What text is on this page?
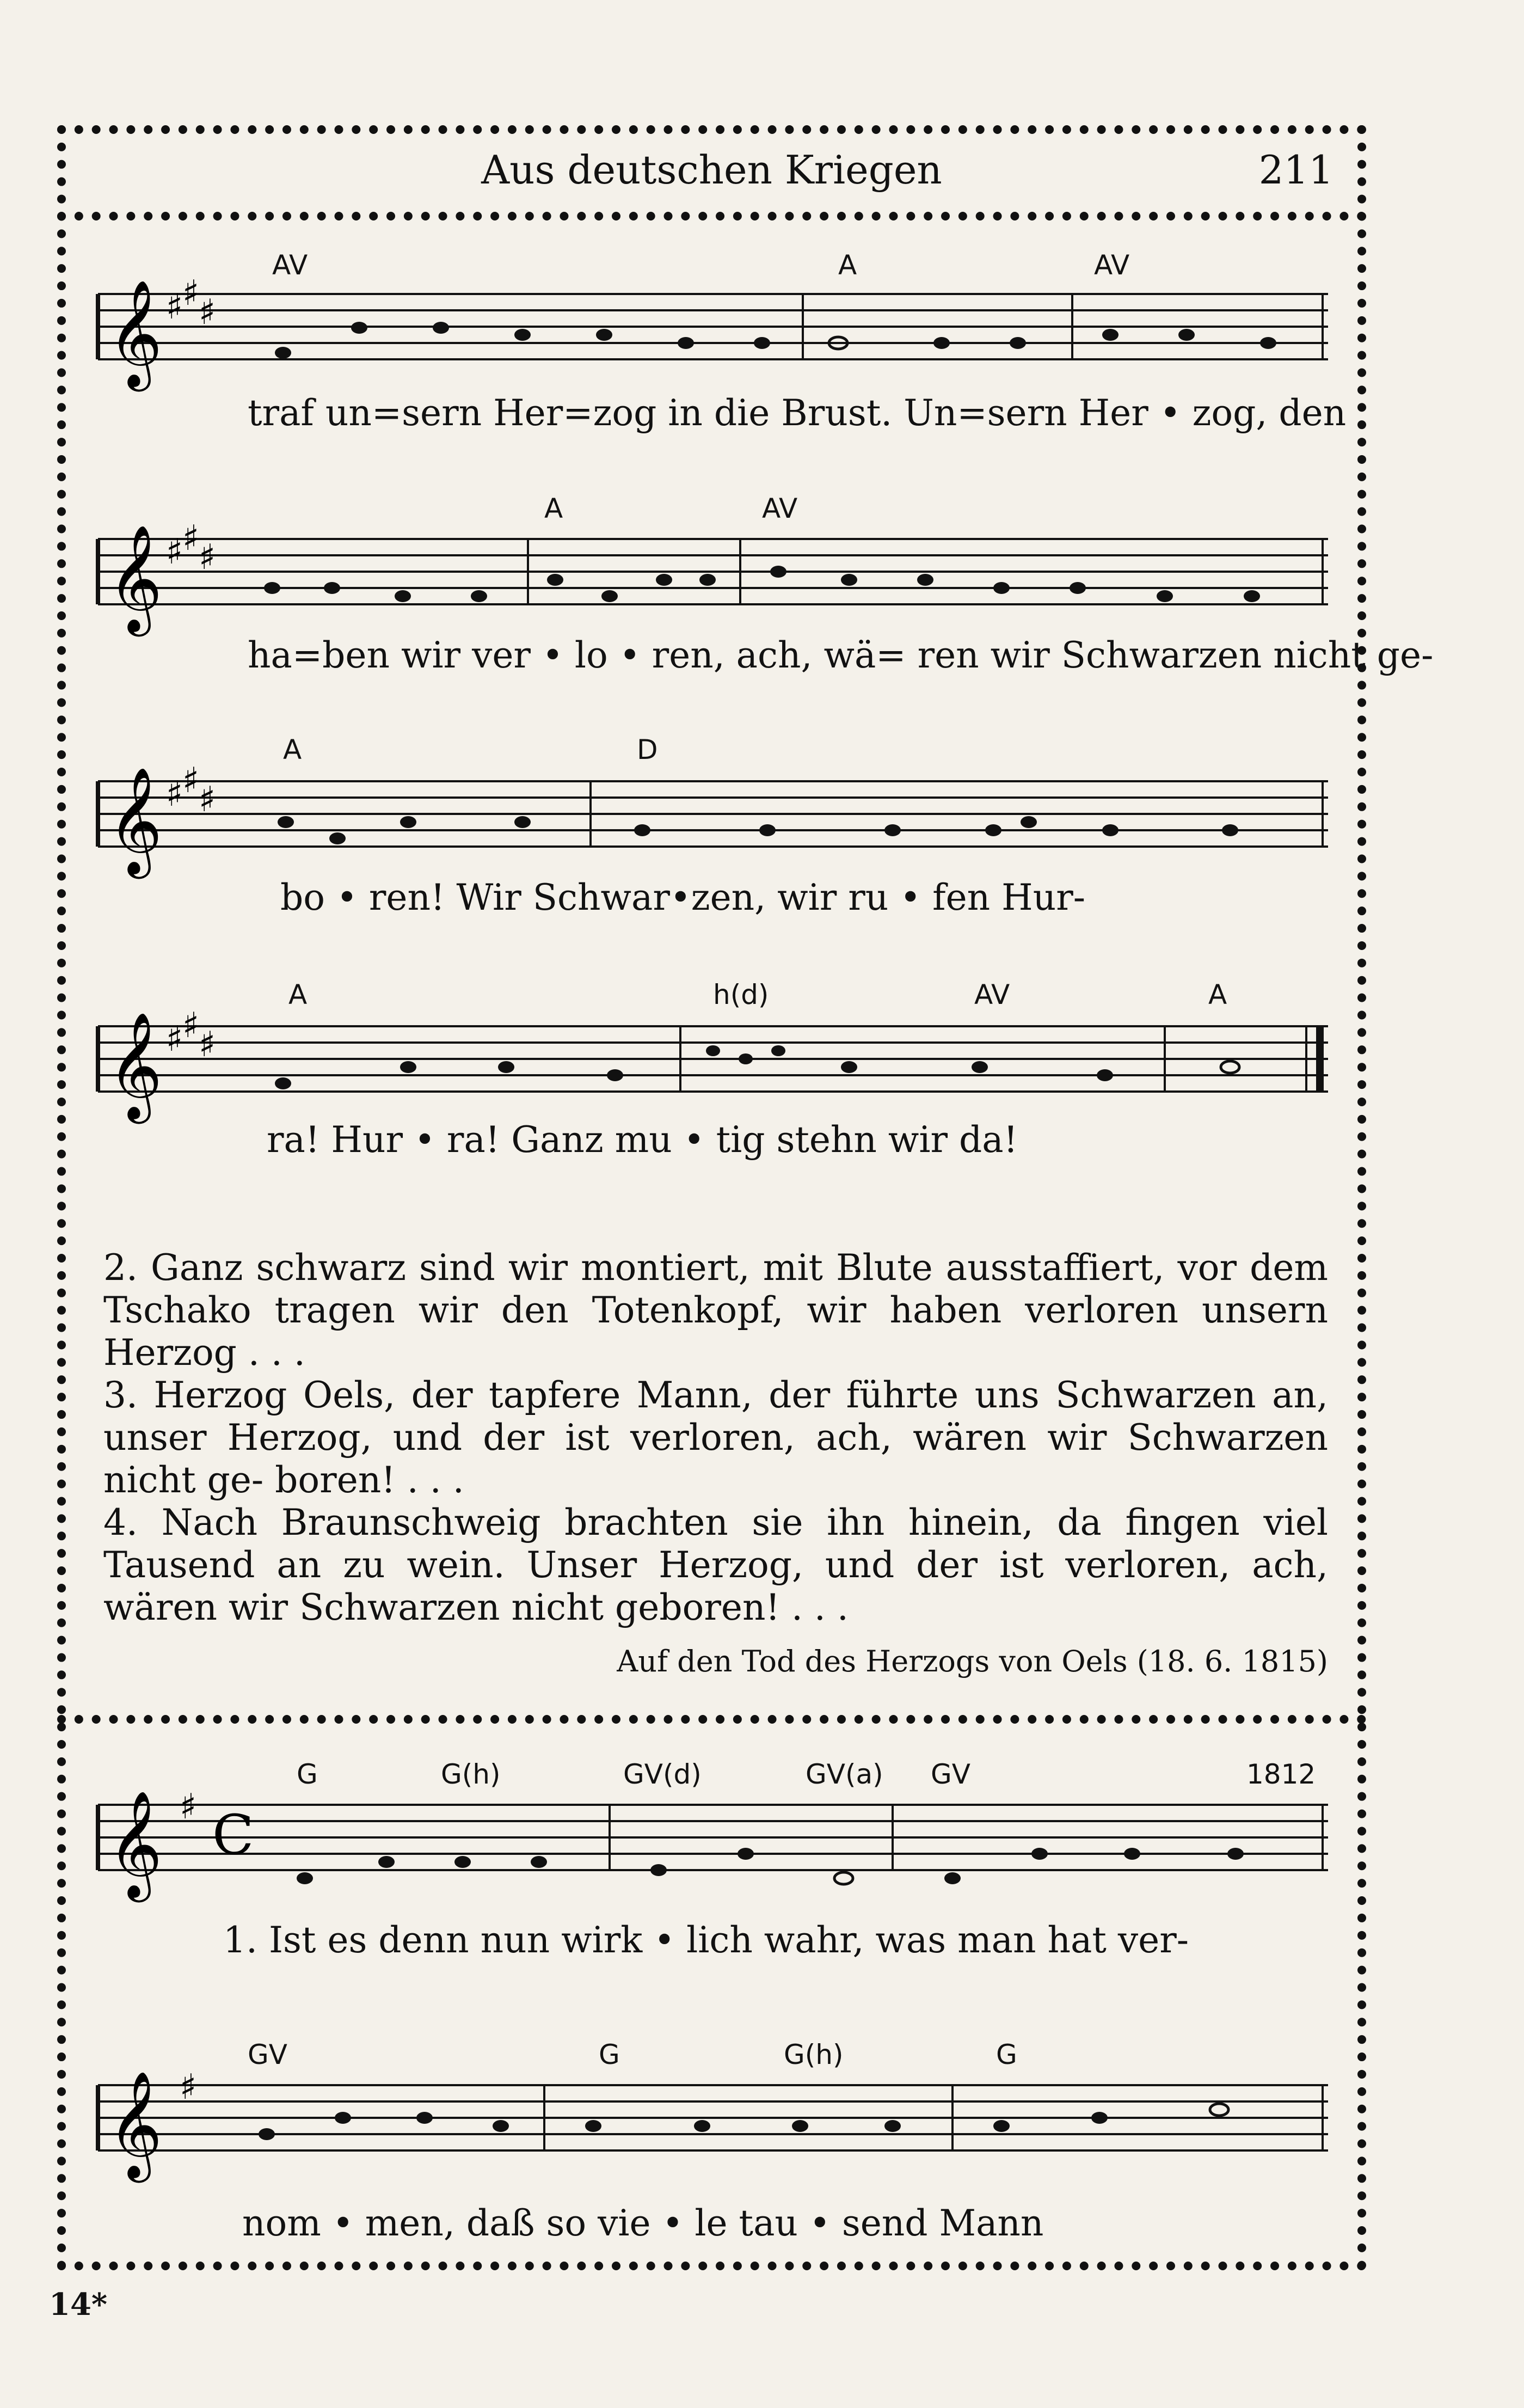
Aus deutschen Kriegen	211
AV	A	AV
𝄞 ♯ ♯ ♯
traf un=sern Her=zog in die Brust. Un=sern Her • zog, den
A	AV
𝄞 ♯ ♯ ♯
ha=ben wir ver • lo • ren, ach, wä= ren wir Schwarzen nicht ge-
A	D
𝄞 ♯ ♯ ♯
bo • ren! Wir Schwar•zen, wir ru • fen Hur-
A	h(d)	AV	A
𝄞 ♯ ♯ ♯
ra! Hur • ra! Ganz mu • tig stehn wir da!

2. Ganz schwarz sind wir montiert, mit Blute ausstaffiert, vor dem Tschako tragen wir den Totenkopf, wir haben verloren unsern Herzog . . .

3. Herzog Oels, der tapfere Mann, der führte uns Schwarzen an, unser Herzog, und der ist verloren, ach, wären wir Schwarzen nicht ge- boren! . . .

4. Nach Braunschweig brachten sie ihn hinein, da fingen viel Tausend an zu wein. Unser Herzog, und der ist verloren, ach, wären wir Schwarzen nicht geboren! . . .

Auf den Tod des Herzogs von Oels (18. 6. 1815)
G	G(h)	GV(d)	GV(a) GV	1812
𝄞 ♯ C
1. Ist es denn nun wirk • lich wahr, was man hat ver-
GV	G	G(h)	G
𝄞 ♯
nom • men, daß so vie • le tau • send Mann
14*
